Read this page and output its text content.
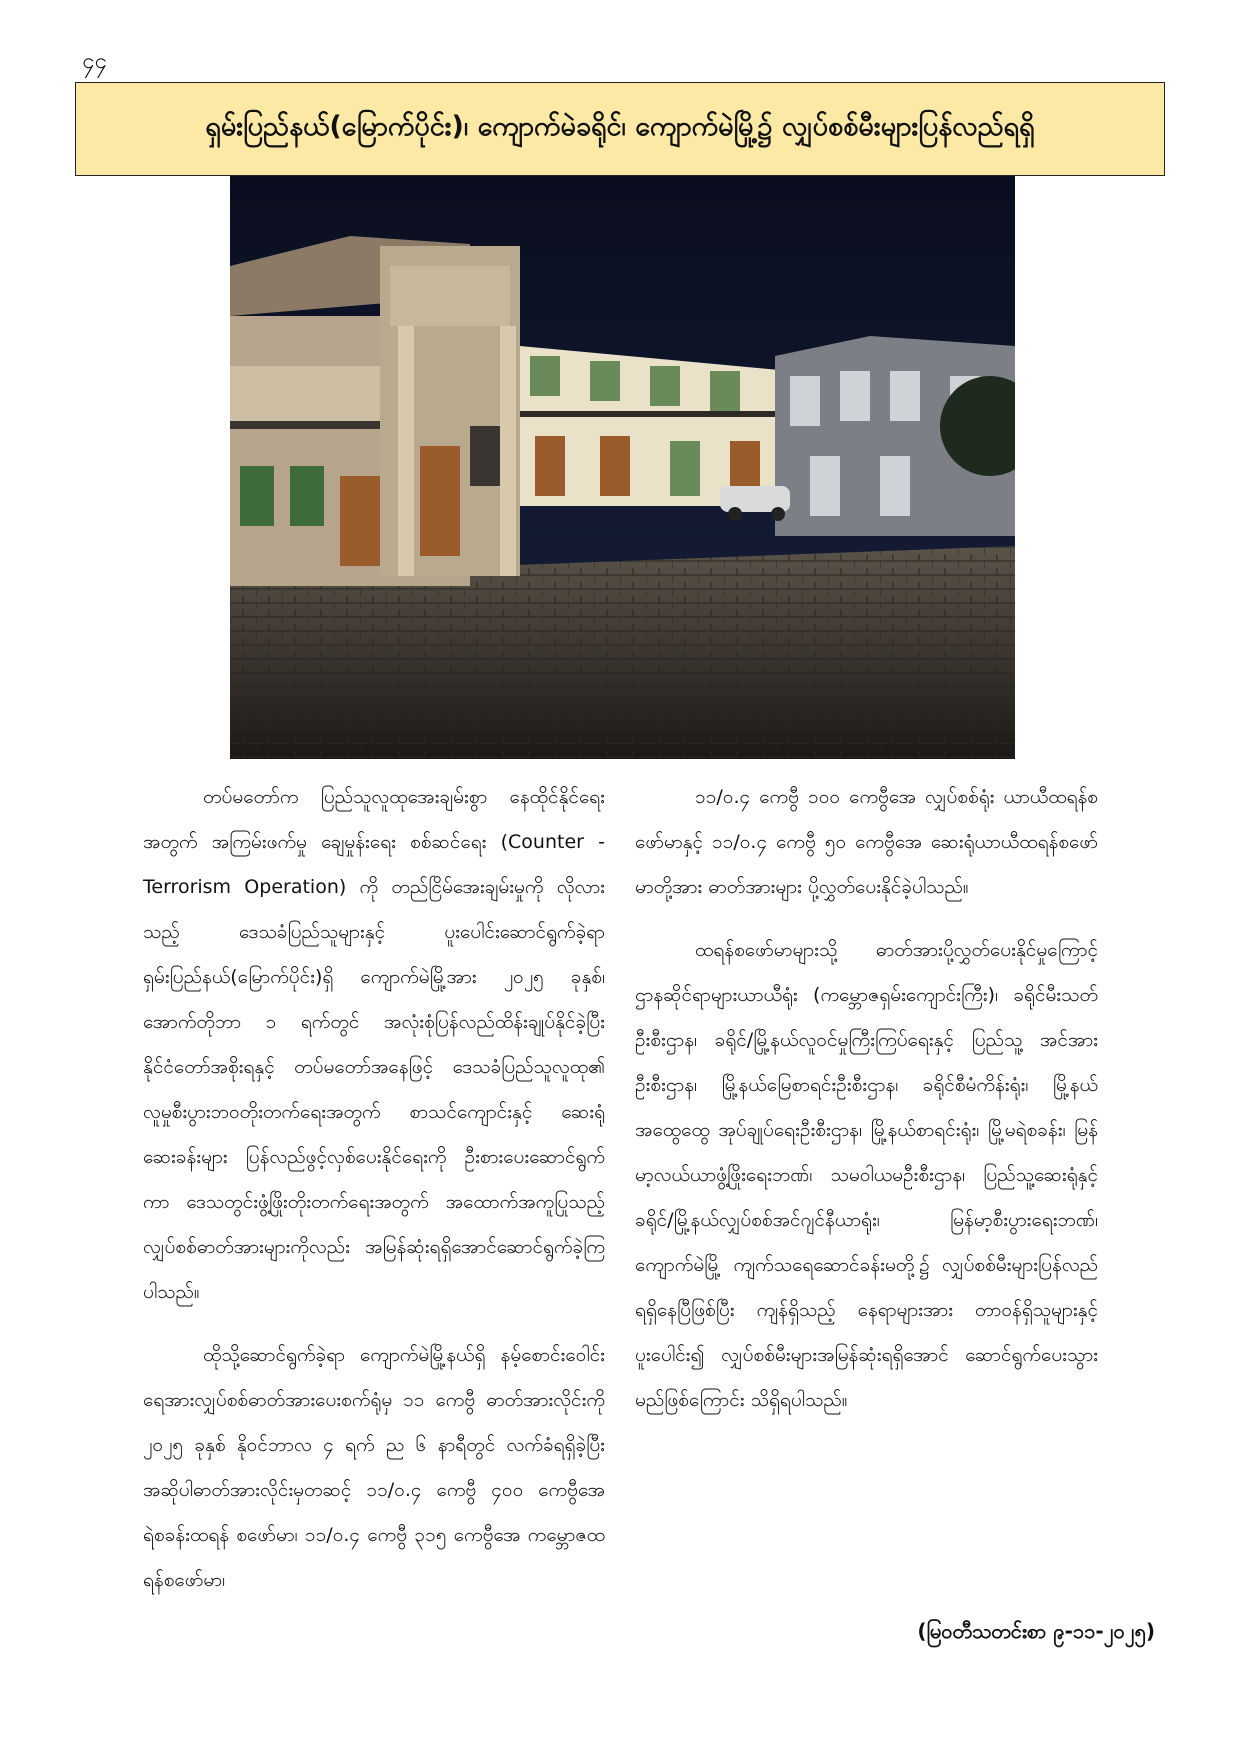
၄၄
ရှမ်းပြည်နယ်(မြောက်ပိုင်း)၊ ကျောက်မဲခရိုင်၊ ကျောက်မဲမြို့၌ လျှပ်စစ်မီးများပြန်လည်ရရှိ

တပ်မတော်က ပြည်သူလူထုအေးချမ်းစွာ နေထိုင်နိုင်ရေးအတွက် အကြမ်းဖက်မှု ချေမှုန်းရေး စစ်ဆင်ရေး (Counter - Terrorism Operation) ကို တည်ငြိမ်အေးချမ်းမှုကို လိုလားသည့် ဒေသခံပြည်သူများနှင့် ပူးပေါင်းဆောင်ရွက်ခဲ့ရာ ရှမ်းပြည်နယ်(မြောက်ပိုင်း)ရှိ ကျောက်မဲမြို့အား ၂၀၂၅ ခုနှစ်၊ အောက်တိုဘာ ၁ ရက်တွင် အလုံးစုံပြန်လည်ထိန်းချုပ်နိုင်ခဲ့ပြီး နိုင်ငံတော်အစိုးရနှင့် တပ်မတော်အနေဖြင့် ဒေသခံပြည်သူလူထု၏ လူမှုစီးပွားဘဝတိုးတက်ရေးအတွက် စာသင်ကျောင်းနှင့် ဆေးရုံဆေးခန်းများ ပြန်လည်ဖွင့်လှစ်ပေးနိုင်ရေးကို ဦးစားပေးဆောင်ရွက်ကာ ဒေသတွင်းဖွံ့ဖြိုးတိုးတက်ရေးအတွက် အထောက်အကူပြုသည့် လျှပ်စစ်ဓာတ်အားများကိုလည်း အမြန်ဆုံးရရှိအောင်ဆောင်ရွက်ခဲ့ကြပါသည်။

ထိုသို့ဆောင်ရွက်ခဲ့ရာ ကျောက်မဲမြို့နယ်ရှိ နမ့်စောင်းဝေါင်း ရေအားလျှပ်စစ်ဓာတ်အားပေးစက်ရုံမှ ၁၁ ကေဗွီ ဓာတ်အားလိုင်းကို ၂၀၂၅ ခုနှစ် နိုဝင်ဘာလ ၄ ရက် ည ၆ နာရီတွင် လက်ခံရရှိခဲ့ပြီး အဆိုပါဓာတ်အားလိုင်းမှတဆင့် ၁၁/၀.၄ ကေဗွီ ၄၀၀ ကေဗွီအေ ရဲစခန်းထရန် စဖော်မာ၊ ၁၁/၀.၄ ကေဗွီ ၃၁၅ ကေဗွီအေ ကမ္ဘောဇထရန်စဖော်မာ၊

၁၁/၀.၄ ကေဗွီ ၁၀၀ ကေဗွီအေ လျှပ်စစ်ရုံး ယာယီထရန်စဖော်မာနှင့် ၁၁/၀.၄ ကေဗွီ ၅၀ ကေဗွီအေ ဆေးရုံယာယီထရန်စဖော်မာတို့အား ဓာတ်အားများ ပို့လွှတ်ပေးနိုင်ခဲ့ပါသည်။

ထရန်စဖော်မာများသို့ ဓာတ်အားပို့လွှတ်ပေးနိုင်မှုကြောင့် ဌာနဆိုင်ရာများယာယီရုံး (ကမ္ဘောဇရှမ်းကျောင်းကြီး)၊ ခရိုင်မီးသတ်ဦးစီးဌာန၊ ခရိုင်/မြို့နယ်လူဝင်မှုကြီးကြပ်ရေးနှင့် ပြည်သူ့ အင်အားဦးစီးဌာန၊ မြို့နယ်မြေစာရင်းဦးစီးဌာန၊ ခရိုင်စီမံကိန်းရုံး၊ မြို့နယ်အထွေထွေ အုပ်ချုပ်ရေးဦးစီးဌာန၊ မြို့နယ်စာရင်းရုံး၊ မြို့မရဲစခန်း၊ မြန်မာ့လယ်ယာဖွံ့ဖြိုးရေးဘဏ်၊ သမဝါယမဦးစီးဌာန၊ ပြည်သူ့ဆေးရုံနှင့် ခရိုင်/မြို့နယ်လျှပ်စစ်အင်ဂျင်နီယာရုံး၊ မြန်မာ့စီးပွားရေးဘဏ်၊ ကျောက်မဲမြို့ ကျက်သရေဆောင်ခန်းမတို့၌ လျှပ်စစ်မီးများပြန်လည်ရရှိနေပြီဖြစ်ပြီး ကျန်ရှိသည့် နေရာများအား တာဝန်ရှိသူများနှင့် ပူးပေါင်း၍ လျှပ်စစ်မီးများအမြန်ဆုံးရရှိအောင် ဆောင်ရွက်ပေးသွားမည်ဖြစ်ကြောင်း သိရှိရပါသည်။

(မြဝတီသတင်းစာ ၉-၁၁-၂၀၂၅)
